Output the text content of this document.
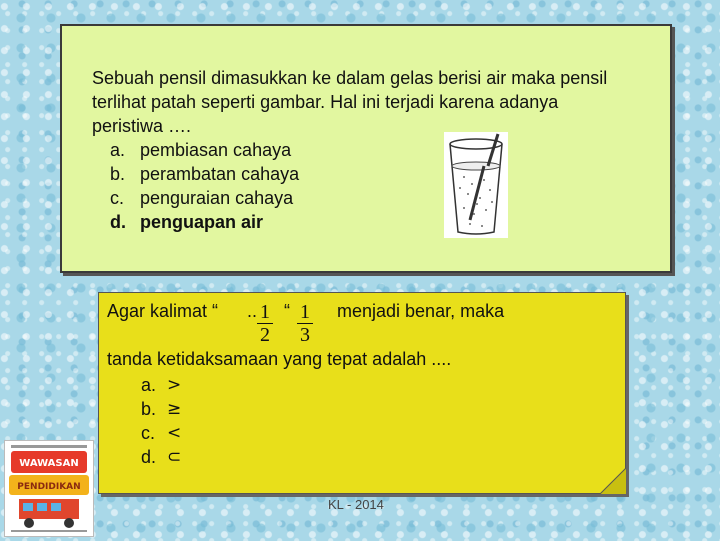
Sebuah pensil dimasukkan ke dalam gelas berisi air maka pensil terlihat patah seperti gambar. Hal ini terjadi karena adanya peristiwa ….
a. pembiasan cahaya
b. perambatan cahaya
c. penguraian cahaya
d. penguapan air
Agar kalimat “ .. $\frac{1}{2}$ “ $\frac{1}{3}$ menjadi benar, maka
tanda ketidaksamaan yang tepat adalah ....
a. >
b. ≥
c. <
d. ⊂
WAWASAN
PENDIDIKAN
KL - 2014
